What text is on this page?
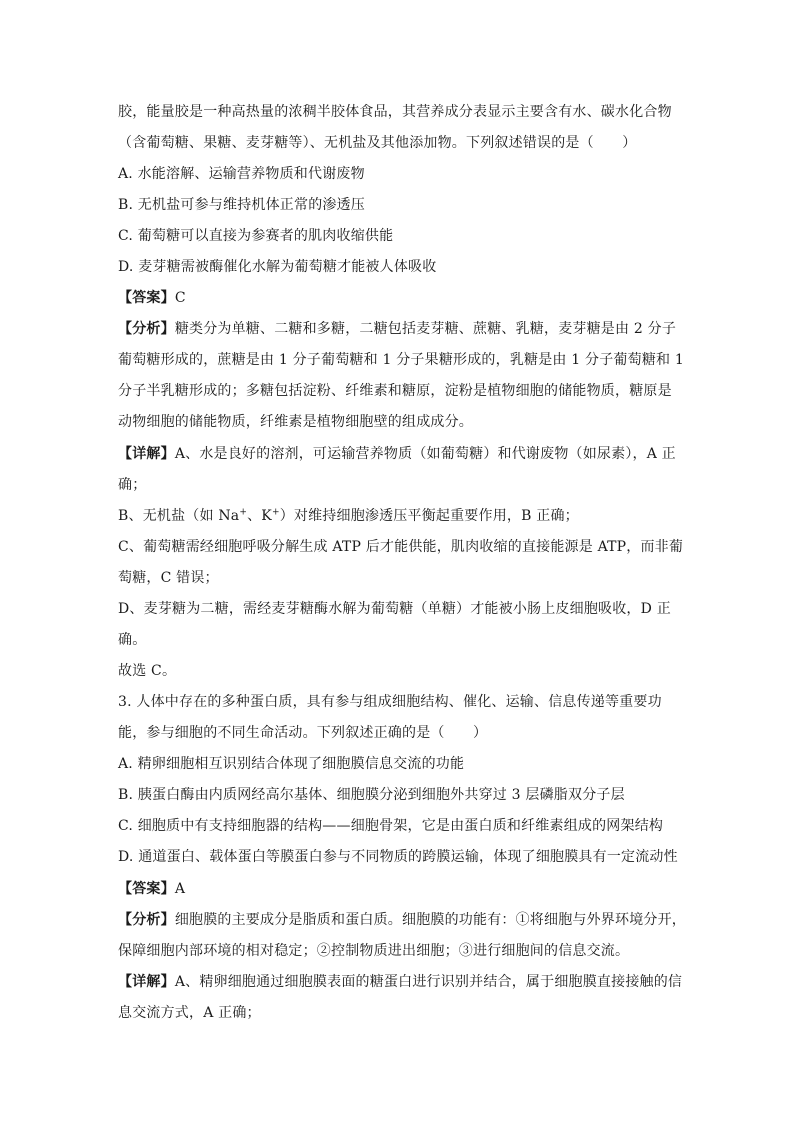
胶，能量胶是一种高热量的浓稠半胶体食品，其营养成分表显示主要含有水、碳水化合物
（含葡萄糖、果糖、麦芽糖等）、无机盐及其他添加物。下列叙述错误的是（　　）
A. 水能溶解、运输营养物质和代谢废物
B. 无机盐可参与维持机体正常的渗透压
C. 葡萄糖可以直接为参赛者的肌肉收缩供能
D. 麦芽糖需被酶催化水解为葡萄糖才能被人体吸收
【答案】C
【分析】糖类分为单糖、二糖和多糖，二糖包括麦芽糖、蔗糖、乳糖，麦芽糖是由 2 分子
葡萄糖形成的，蔗糖是由 1 分子葡萄糖和 1 分子果糖形成的，乳糖是由 1 分子葡萄糖和 1
分子半乳糖形成的；多糖包括淀粉、纤维素和糖原，淀粉是植物细胞的储能物质，糖原是
动物细胞的储能物质，纤维素是植物细胞壁的组成成分。
【详解】A、水是良好的溶剂，可运输营养物质（如葡萄糖）和代谢废物（如尿素），A 正
确；
B、无机盐（如 Na+、K+）对维持细胞渗透压平衡起重要作用，B 正确；
C、葡萄糖需经细胞呼吸分解生成 ATP 后才能供能，肌肉收缩的直接能源是 ATP，而非葡
萄糖，C 错误；
D、麦芽糖为二糖，需经麦芽糖酶水解为葡萄糖（单糖）才能被小肠上皮细胞吸收，D 正
确。
故选 C。
3. 人体中存在的多种蛋白质，具有参与组成细胞结构、催化、运输、信息传递等重要功
能，参与细胞的不同生命活动。下列叙述正确的是（　　）
A. 精卵细胞相互识别结合体现了细胞膜信息交流的功能
B. 胰蛋白酶由内质网经高尔基体、细胞膜分泌到细胞外共穿过 3 层磷脂双分子层
C. 细胞质中有支持细胞器的结构——细胞骨架，它是由蛋白质和纤维素组成的网架结构
D. 通道蛋白、载体蛋白等膜蛋白参与不同物质的跨膜运输，体现了细胞膜具有一定流动性
【答案】A
【分析】细胞膜的主要成分是脂质和蛋白质。细胞膜的功能有：①将细胞与外界环境分开，
保障细胞内部环境的相对稳定；②控制物质进出细胞；③进行细胞间的信息交流。
【详解】A、精卵细胞通过细胞膜表面的糖蛋白进行识别并结合，属于细胞膜直接接触的信
息交流方式，A 正确；
